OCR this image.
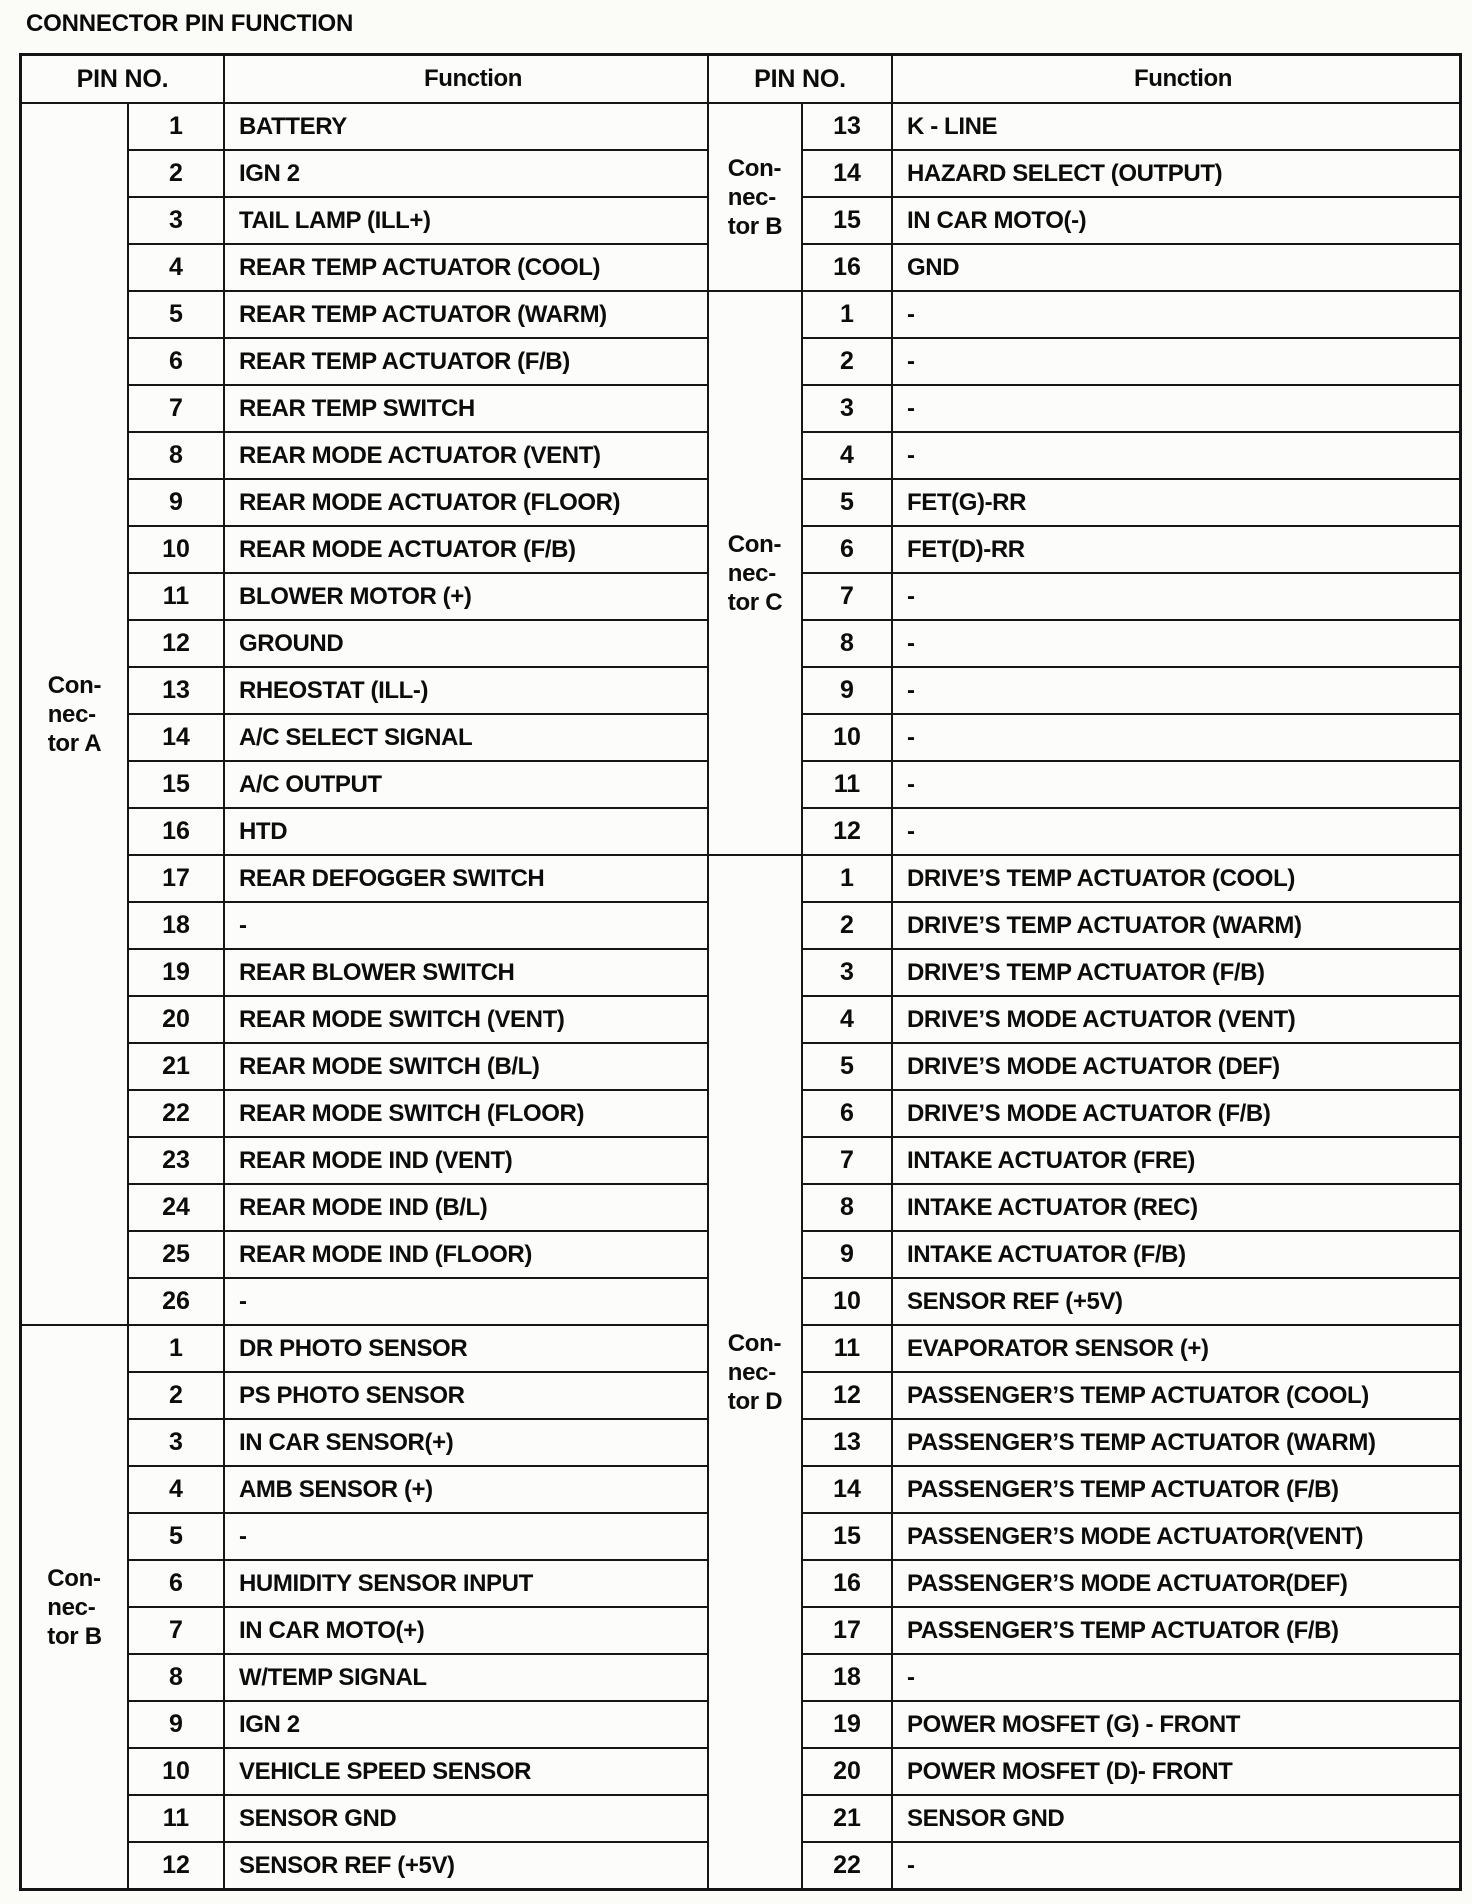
CONNECTOR PIN FUNCTION
PIN NO.	Function
Con-
nec-
tor A
1	BATTERY
2	IGN 2
3	TAIL LAMP (ILL+)
4	REAR TEMP ACTUATOR (COOL)
5	REAR TEMP ACTUATOR (WARM)
6	REAR TEMP ACTUATOR (F/B)
7	REAR TEMP SWITCH
8	REAR MODE ACTUATOR (VENT)
9	REAR MODE ACTUATOR (FLOOR)
10	REAR MODE ACTUATOR (F/B)
11	BLOWER MOTOR (+)
12	GROUND
13	RHEOSTAT (ILL-)
14	A/C SELECT SIGNAL
15	A/C OUTPUT
16	HTD
17	REAR DEFOGGER SWITCH
18	-
19	REAR BLOWER SWITCH
20	REAR MODE SWITCH (VENT)
21	REAR MODE SWITCH (B/L)
22	REAR MODE SWITCH (FLOOR)
23	REAR MODE IND (VENT)
24	REAR MODE IND (B/L)
25	REAR MODE IND (FLOOR)
26	-
Con-
nec-
tor B
1	DR PHOTO SENSOR
2	PS PHOTO SENSOR
3	IN CAR SENSOR(+)
4	AMB SENSOR (+)
5	-
6	HUMIDITY SENSOR INPUT
7	IN CAR MOTO(+)
8	W/TEMP SIGNAL
9	IGN 2
10	VEHICLE SPEED SENSOR
11	SENSOR GND
12	SENSOR REF (+5V)
PIN NO.	Function
Con-
nec-
tor B
13	K - LINE
14	HAZARD SELECT (OUTPUT)
15	IN CAR MOTO(-)
16	GND
Con-
nec-
tor C
1	-
2	-
3	-
4	-
5	FET(G)-RR
6	FET(D)-RR
7	-
8	-
9	-
10	-
11	-
12	-
Con-
nec-
tor D
1	DRIVE’S TEMP ACTUATOR (COOL)
2	DRIVE’S TEMP ACTUATOR (WARM)
3	DRIVE’S TEMP ACTUATOR (F/B)
4	DRIVE’S MODE ACTUATOR (VENT)
5	DRIVE’S MODE ACTUATOR (DEF)
6	DRIVE’S MODE ACTUATOR (F/B)
7	INTAKE ACTUATOR (FRE)
8	INTAKE ACTUATOR (REC)
9	INTAKE ACTUATOR (F/B)
10	SENSOR REF (+5V)
11	EVAPORATOR SENSOR (+)
12	PASSENGER’S TEMP ACTUATOR (COOL)
13	PASSENGER’S TEMP ACTUATOR (WARM)
14	PASSENGER’S TEMP ACTUATOR (F/B)
15	PASSENGER’S MODE ACTUATOR(VENT)
16	PASSENGER’S MODE ACTUATOR(DEF)
17	PASSENGER’S TEMP ACTUATOR (F/B)
18	-
19	POWER MOSFET (G) - FRONT
20	POWER MOSFET (D)- FRONT
21	SENSOR GND
22	-
